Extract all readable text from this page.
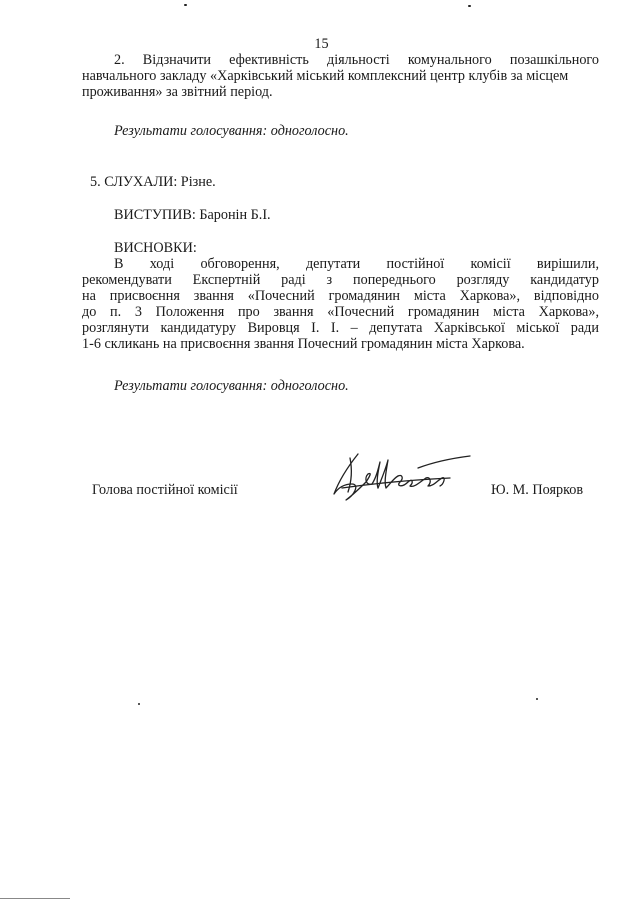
15
2. Відзначити ефективність діяльності комунального позашкільного
навчального закладу «Харківський міський комплексний центр клубів за місцем
проживання» за звітний період.
Результати голосування: одноголосно.
5. СЛУХАЛИ: Різне.
ВИСТУПИВ: Баронін Б.І.
ВИСНОВКИ:
В ході обговорення, депутати постійної комісії вирішили,
рекомендувати Експертній раді з попереднього розгляду кандидатур
на присвоєння звання «Почесний громадянин міста Харкова», відповідно
до п. 3 Положення про звання «Почесний громадянин міста Харкова»,
розглянути кандидатуру Вировця І. І. – депутата Харківської міської ради
1-6 скликань на присвоєння звання Почесний громадянин міста Харкова.
Результати голосування: одноголосно.
Голова постійної комісії	Ю. М. Поярков
